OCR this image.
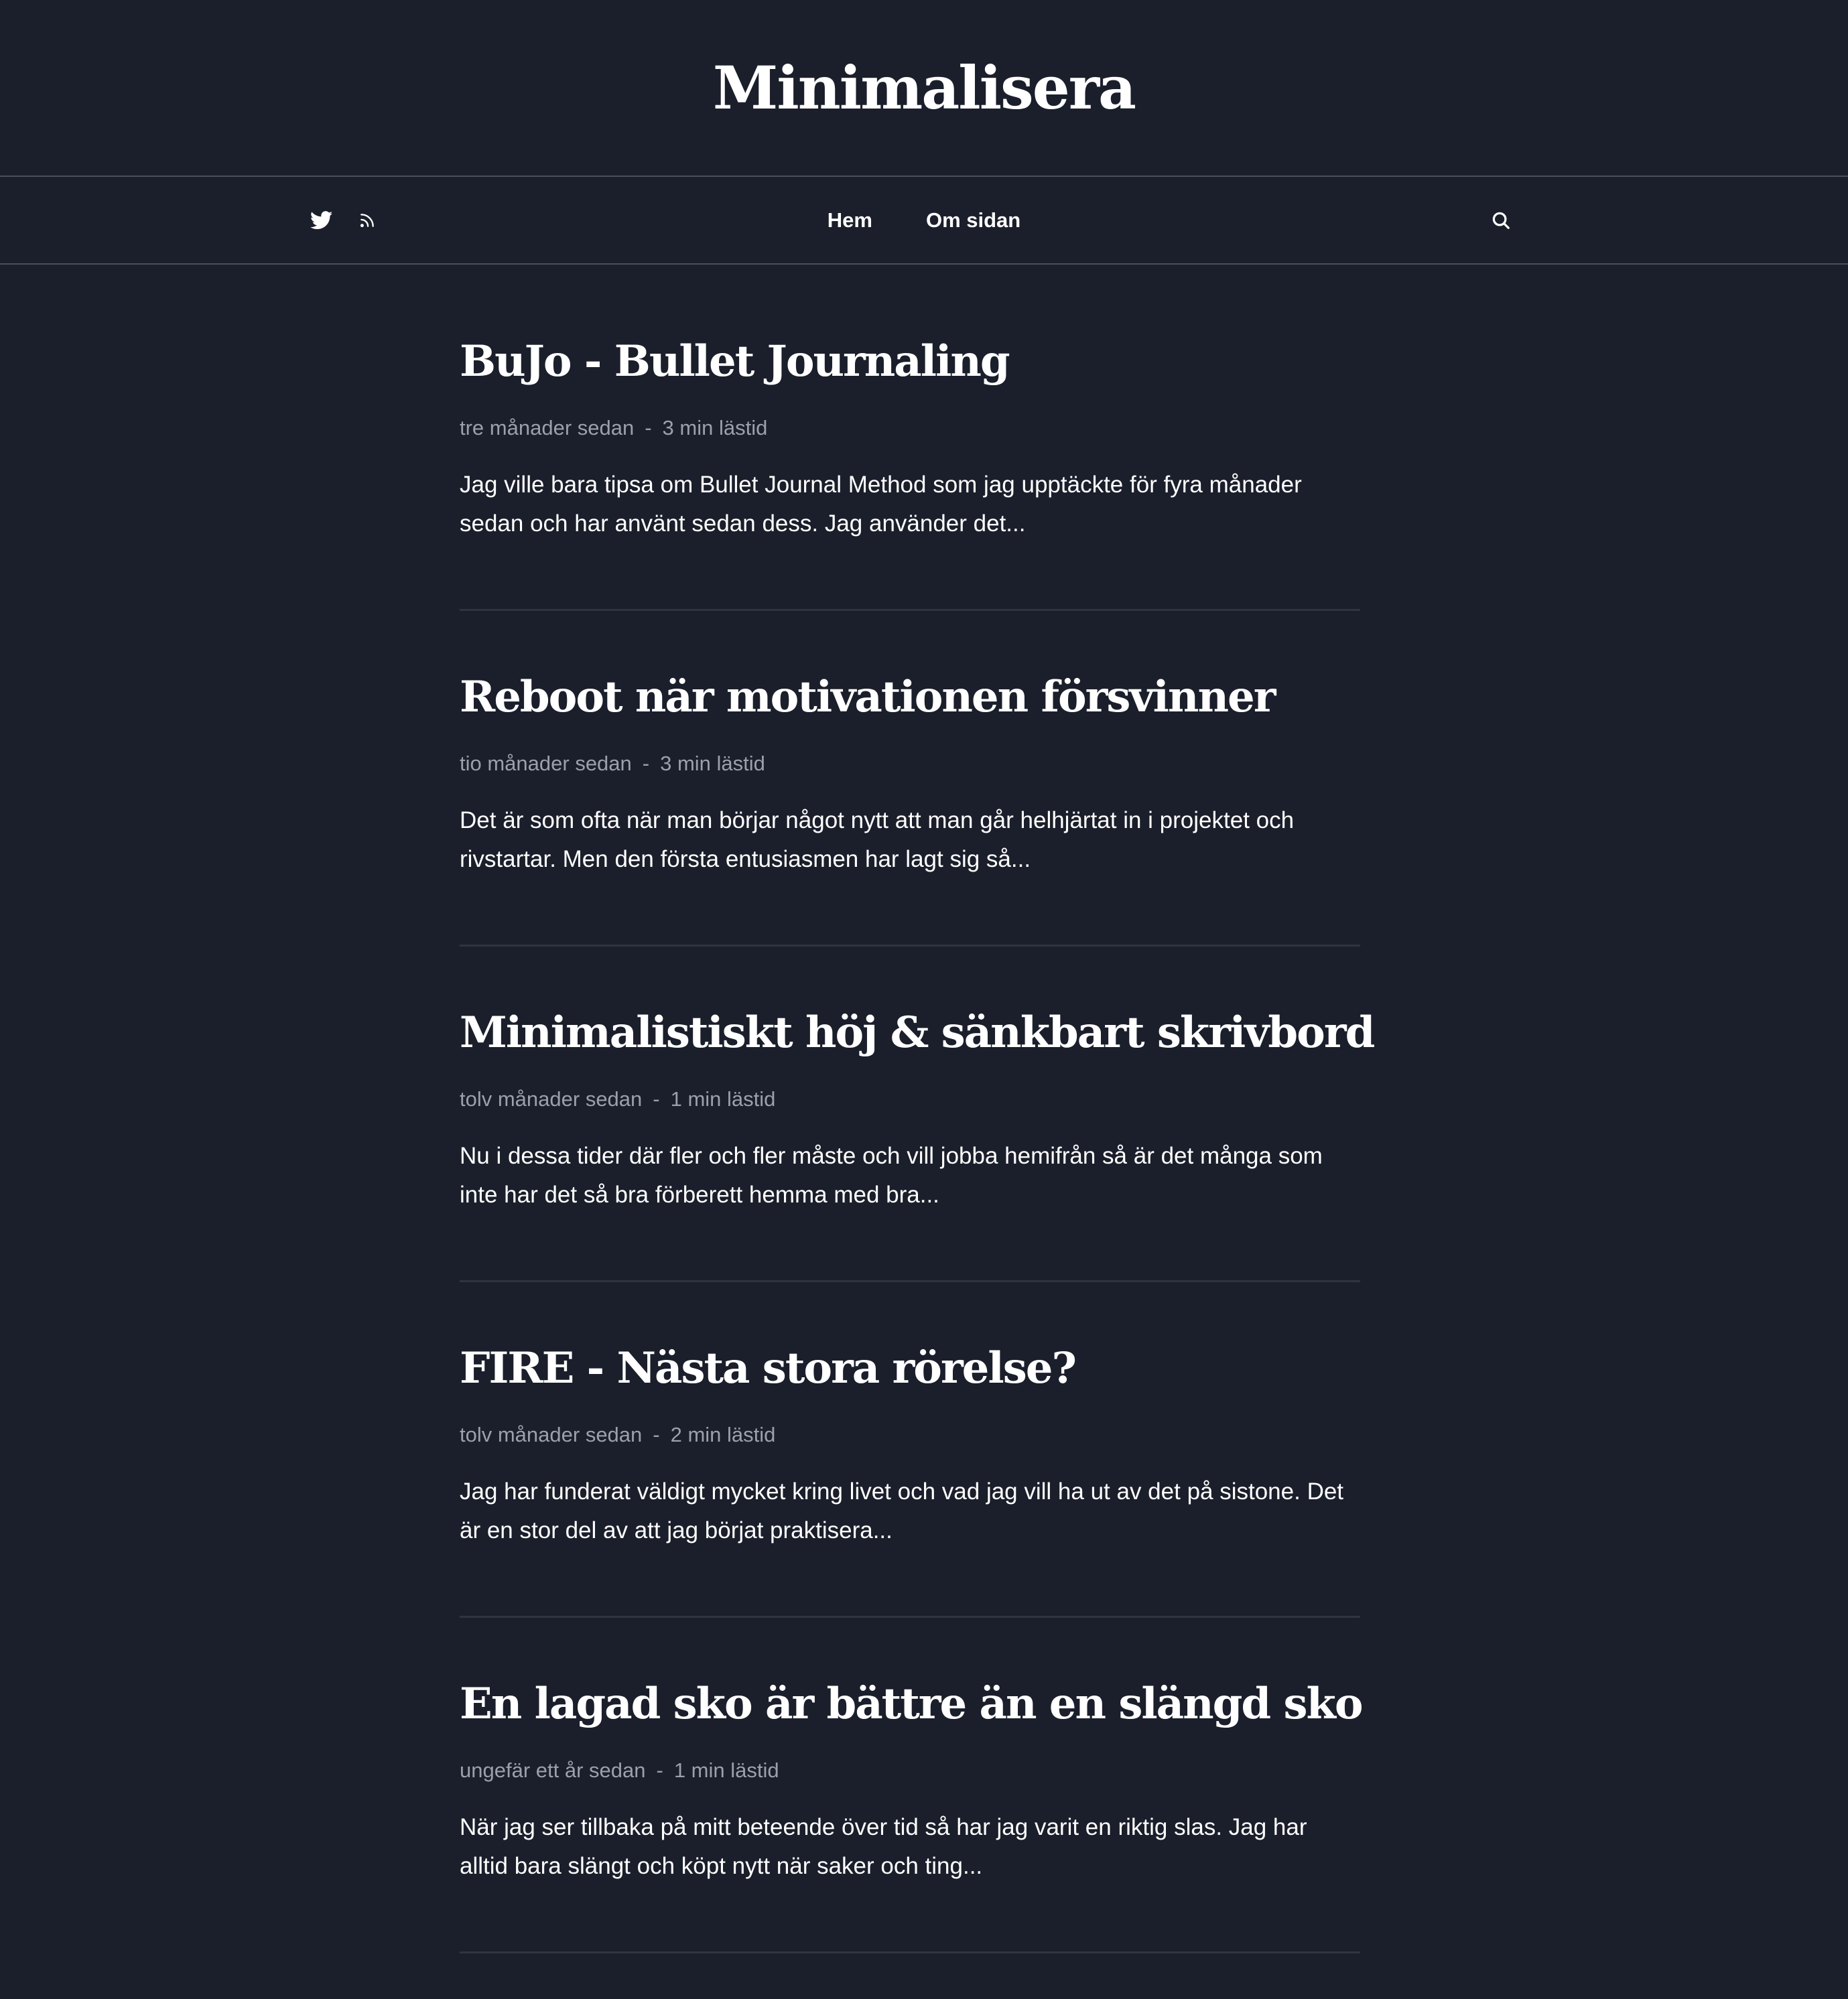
Minimalisera
Hem	Om sidan
BuJo - Bullet Journaling
tre månader sedan - 3 min lästid

Jag ville bara tipsa om Bullet Journal Method som jag upptäckte för fyra månader sedan och har använt sedan dess. Jag använder det...

Reboot när motivationen försvinner
tio månader sedan - 3 min lästid

Det är som ofta när man börjar något nytt att man går helhjärtat in i projektet och rivstartar. Men den första entusiasmen har lagt sig så...

Minimalistiskt höj & sänkbart skrivbord
tolv månader sedan - 1 min lästid

Nu i dessa tider där fler och fler måste och vill jobba hemifrån så är det många som inte har det så bra förberett hemma med bra...

FIRE - Nästa stora rörelse?
tolv månader sedan - 2 min lästid

Jag har funderat väldigt mycket kring livet och vad jag vill ha ut av det på sistone. Det är en stor del av att jag börjat praktisera...

En lagad sko är bättre än en slängd sko
ungefär ett år sedan - 1 min lästid

När jag ser tillbaka på mitt beteende över tid så har jag varit en riktig slas. Jag har alltid bara slängt och köpt nytt när saker och ting...
